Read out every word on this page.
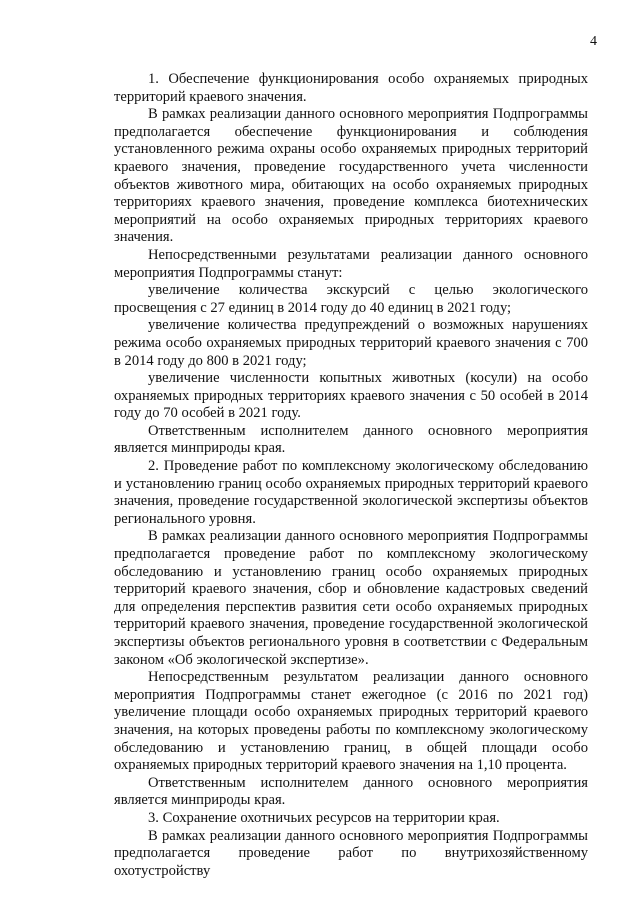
4

1. Обеспечение функционирования особо охраняемых природных территорий краевого значения.

В рамках реализации данного основного мероприятия Подпрограммы предполагается обеспечение функционирования и соблюдения установленного режима охраны особо охраняемых природных территорий краевого значения, проведение государственного учета численности объектов животного мира, обитающих на особо охраняемых природных территориях краевого значения, проведение комплекса биотехнических мероприятий на особо охраняемых природных территориях краевого значения.

Непосредственными результатами реализации данного основного мероприятия Подпрограммы станут:

увеличение количества экскурсий с целью экологического просвещения с 27 единиц в 2014 году до 40 единиц в 2021 году;

увеличение количества предупреждений о возможных нарушениях режима особо охраняемых природных территорий краевого значения с 700 в 2014 году до 800 в 2021 году;

увеличение численности копытных животных (косули) на особо охраняемых природных территориях краевого значения с 50 особей в 2014 году до 70 особей в 2021 году.

Ответственным исполнителем данного основного мероприятия является минприроды края.

2. Проведение работ по комплексному экологическому обследованию и установлению границ особо охраняемых природных территорий краевого значения, проведение государственной экологической экспертизы объектов регионального уровня.

В рамках реализации данного основного мероприятия Подпрограммы предполагается проведение работ по комплексному экологическому обследованию и установлению границ особо охраняемых природных территорий краевого значения, сбор и обновление кадастровых сведений для определения перспектив развития сети особо охраняемых природных территорий краевого значения, проведение государственной экологической экспертизы объектов регионального уровня в соответствии с Федеральным законом «Об экологической экспертизе».

Непосредственным результатом реализации данного основного мероприятия Подпрограммы станет ежегодное (с 2016 по 2021 год) увеличение площади особо охраняемых природных территорий краевого значения, на которых проведены работы по комплексному экологическому обследованию и установлению границ, в общей площади особо охраняемых природных территорий краевого значения на 1,10 процента.

Ответственным исполнителем данного основного мероприятия является минприроды края.

3. Сохранение охотничьих ресурсов на территории края.

В рамках реализации данного основного мероприятия Подпрограммы предполагается проведение работ по внутрихозяйственному охотустройству
